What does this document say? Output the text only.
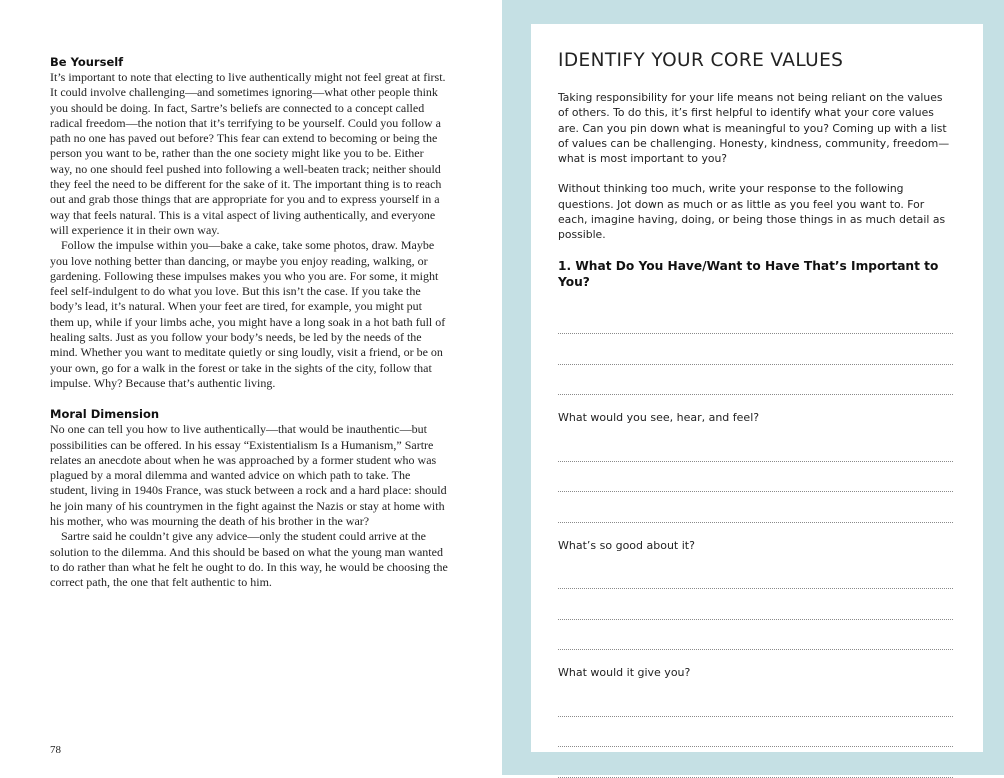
Be Yourself

It’s important to note that electing to live authentically might not feel great at first. It could involve challenging—and sometimes ignoring—what other people think you should be doing. In fact, Sartre’s beliefs are connected to a concept called radical freedom—the notion that it’s terrifying to be yourself. Could you follow a path no one has paved out before? This fear can extend to becoming or being the person you want to be, rather than the one society might like you to be. Either way, no one should feel pushed into following a well-beaten track; neither should they feel the need to be different for the sake of it. The important thing is to reach out and grab those things that are appropriate for you and to express yourself in a way that feels natural. This is a vital aspect of living authentically, and everyone will experience it in their own way.

Follow the impulse within you—bake a cake, take some photos, draw. Maybe you love nothing better than dancing, or maybe you enjoy reading, walking, or gardening. Following these impulses makes you who you are. For some, it might feel self-indulgent to do what you love. But this isn’t the case. If you take the body’s lead, it’s natural. When your feet are tired, for example, you might put them up, while if your limbs ache, you might have a long soak in a hot bath full of healing salts. Just as you follow your body’s needs, be led by the needs of the mind. Whether you want to meditate quietly or sing loudly, visit a friend, or be on your own, go for a walk in the forest or take in the sights of the city, follow that impulse. Why? Because that’s authentic living.

Moral Dimension

No one can tell you how to live authentically—that would be inauthentic—but possibilities can be offered. In his essay “Existentialism Is a Humanism,” Sartre relates an anecdote about when he was approached by a former student who was plagued by a moral dilemma and wanted advice on which path to take. The student, living in 1940s France, was stuck between a rock and a hard place: should he join many of his countrymen in the fight against the Nazis or stay at home with his mother, who was mourning the death of his brother in the war?

Sartre said he couldn’t give any advice—only the student could arrive at the solution to the dilemma. And this should be based on what the young man wanted to do rather than what he felt he ought to do. In this way, he would be choosing the correct path, the one that felt authentic to him.

78
IDENTIFY YOUR CORE VALUES

Taking responsibility for your life means not being reliant on the values of others. To do this, it’s first helpful to identify what your core values are. Can you pin down what is meaningful to you? Coming up with a list of values can be challenging. Honesty, kindness, community, freedom—what is most important to you?

Without thinking too much, write your response to the following questions. Jot down as much or as little as you feel you want to. For each, imagine having, doing, or being those things in as much detail as possible.

1. What Do You Have/Want to Have That’s Important to You?
What would you see, hear, and feel?
What’s so good about it?
What would it give you?
